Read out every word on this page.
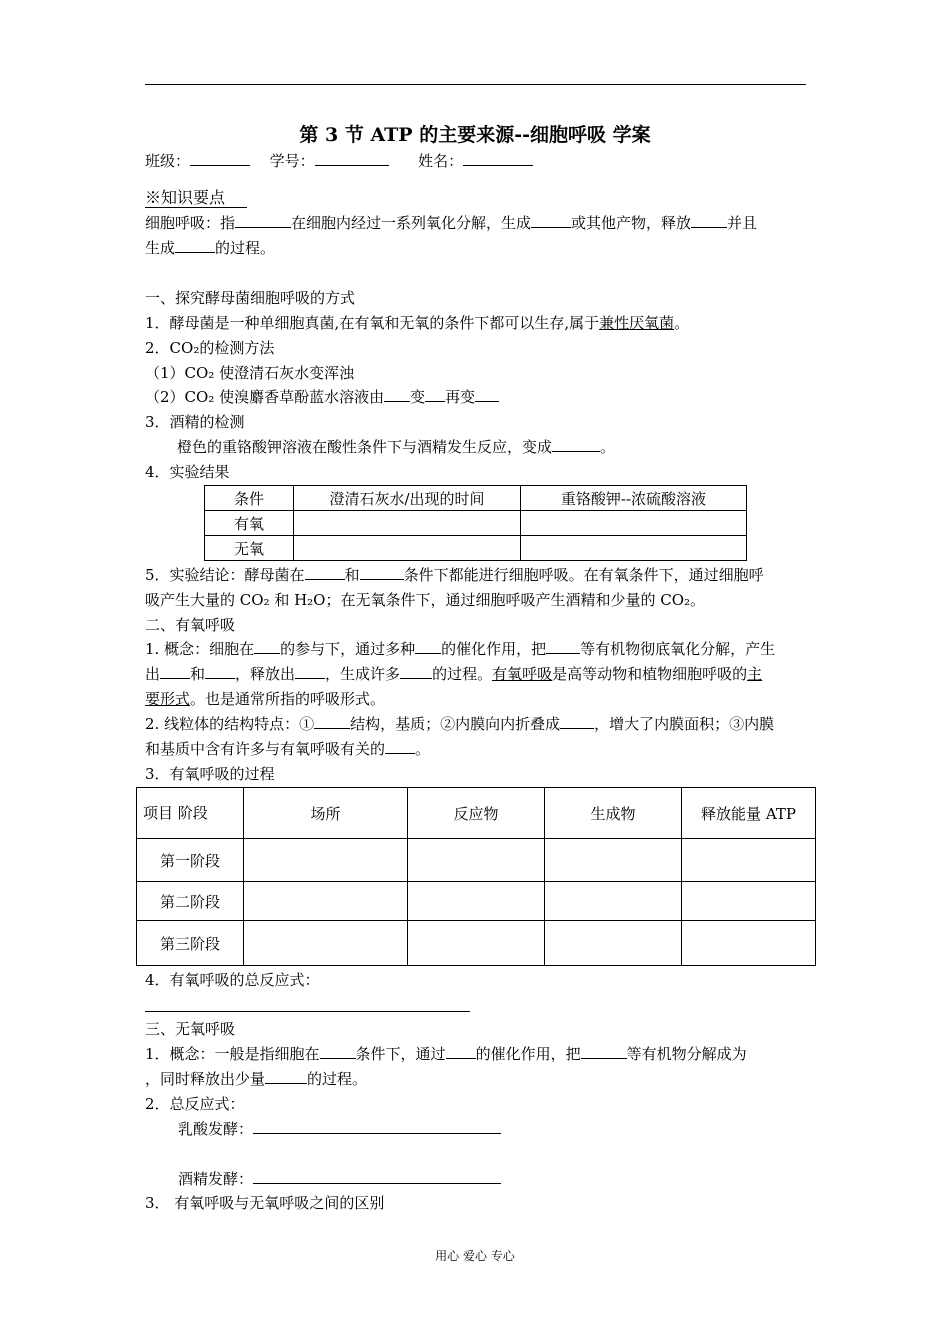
第 3 节 ATP 的主要来源--细胞呼吸 学案
班级：	学号：	姓名：
※知识要点
细胞呼吸：指	在细胞内经过一系列氧化分解，生成	或其他产物，释放 并且
生成	的过程。
一、探究酵母菌细胞呼吸的方式
1．酵母菌是一种单细胞真菌,在有氧和无氧的条件下都可以生存,属于兼性厌氧菌。
2．CO₂的检测方法
（1）CO₂ 使澄清石灰水变浑浊
（2）CO₂ 使溴麝香草酚蓝水溶液由 变 再变
3．酒精的检测
橙色的重铬酸钾溶液在酸性条件下与酒精发生反应，变成	。
4．实验结果
条件	澄清石灰水/出现的时间	重铬酸钾--浓硫酸溶液
有氧		
无氧		
5．实验结论：酵母菌在	和	条件下都能进行细胞呼吸。在有氧条件下，通过细胞呼
吸产生大量的 CO₂ 和 H₂O；在无氧条件下，通过细胞呼吸产生酒精和少量的 CO₂。
二、有氧呼吸
1. 概念：细胞在 的参与下，通过多种 的催化作用，把 等有机物彻底氧化分解，产生
出 和 ，释放出 ，生成许多 的过程。有氧呼吸是高等动物和植物细胞呼吸的主
要形式。也是通常所指的呼吸形式。
2. 线粒体的结构特点：① 结构，基质；②内膜向内折叠成 ，增大了内膜面积；③内膜
和基质中含有许多与有氧呼吸有关的 。
3．有氧呼吸的过程
项目 阶段	场所	反应物	生成物	释放能量 ATP
第一阶段				
第二阶段				
第三阶段				
4．有氧呼吸的总反应式：
三、无氧呼吸
1．概念：一般是指细胞在 条件下，通过 的催化作用，把	等有机物分解成为
，同时释放出少量	的过程。
2．总反应式：
乳酸发酵：
酒精发酵：
3． 有氧呼吸与无氧呼吸之间的区别
用心 爱心 专心
